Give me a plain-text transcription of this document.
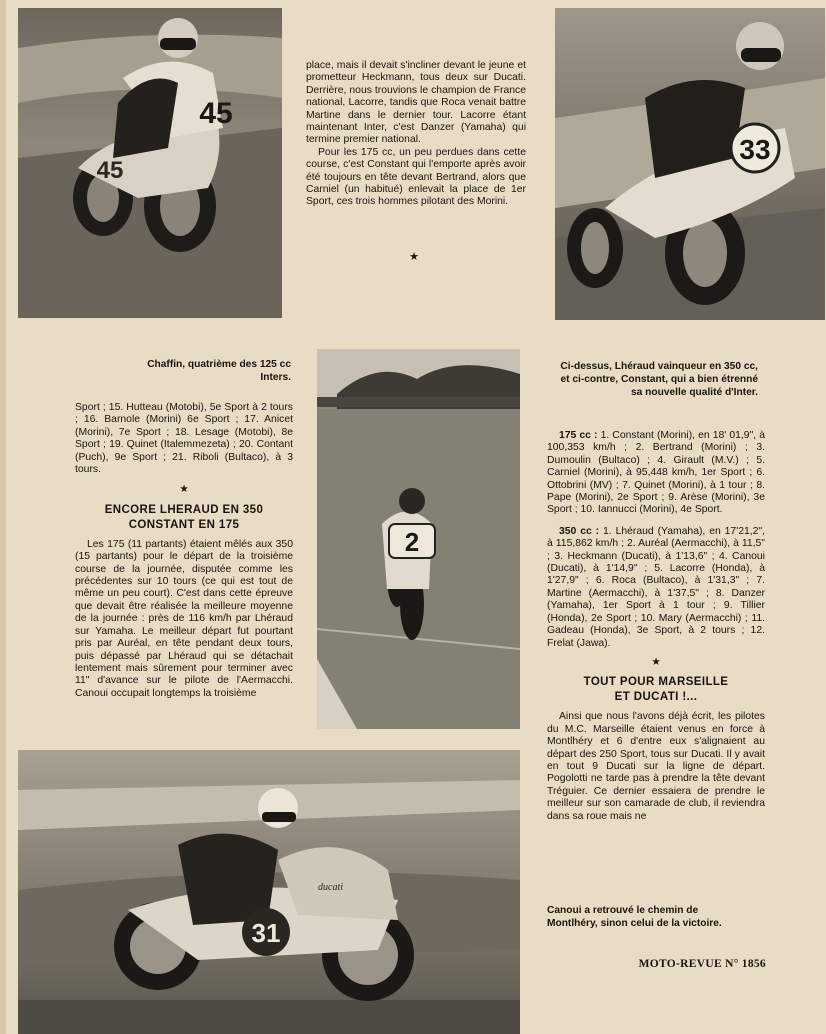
45
45
33
2
31
ducati

place, mais il devait s'incliner devant le jeune et prometteur Heckmann, tous deux sur Ducati. Derrière, nous trouvions le champion de France national, Lacorre, tandis que Roca venait battre Martine dans le dernier tour. Lacorre étant maintenant Inter, c'est Danzer (Yamaha) qui termine premier national.

Pour les 175 cc, un peu perdues dans cette course, c'est Constant qui l'emporte après avoir été toujours en tête devant Bertrand, alors que Carniel (un habitué) enlevait la place de 1er Sport, ces trois hommes pilotant des Morini.

★
Chaffin, quatrième des 125 cc Inters.

Sport ; 15. Hutteau (Motobi), 5e Sport à 2 tours ; 16. Barnole (Morini) 6e Sport ; 17. Anicet (Morini), 7e Sport ; 18. Lesage (Motobi), 8e Sport ; 19. Quinet (Italemmezeta) ; 20. Contant (Puch), 9e Sport ; 21. Riboli (Bultaco), à 3 tours.

★
ENCORE LHERAUD EN 350
CONSTANT EN 175

Les 175 (11 partants) étaient mêlés aux 350 (15 partants) pour le départ de la troisième course de la journée, disputée comme les précédentes sur 10 tours (ce qui est tout de même un peu court). C'est dans cette épreuve que devait être réalisée la meilleure moyenne de la journée : près de 116 km/h par Lhéraud sur Yamaha. Le meilleur départ fut pourtant pris par Auréal, en tête pendant deux tours, puis dépassé par Lhéraud qui se détachait lentement mais sûrement pour terminer avec 11" d'avance sur le pilote de l'Aermacchi. Canoui occupait longtemps la troisième

Ci-dessus, Lhéraud vainqueur en 350 cc, et ci-contre, Constant, qui a bien étrenné sa nouvelle qualité d'Inter.

175 cc : 1. Constant (Morini), en 18' 01,9", à 100,353 km/h ; 2. Bertrand (Morini) ; 3. Dumoulin (Bultaco) ; 4. Girault (M.V.) ; 5. Carniel (Morini), à 95,448 km/h, 1er Sport ; 6. Ottobrini (MV) ; 7. Quinet (Morini), à 1 tour ; 8. Pape (Morini), 2e Sport ; 9. Arèse (Morini), 3e Sport ; 10. Iannucci (Morini), 4e Sport.

350 cc : 1. Lhéraud (Yamaha), en 17'21,2", à 115,862 km/h ; 2. Auréal (Aermacchi), à 11,5" ; 3. Heckmann (Ducati), à 1'13,6" ; 4. Canoui (Ducati), à 1'14,9" ; 5. Lacorre (Honda), à 1'27,9" ; 6. Roca (Bultaco), à 1'31,3" ; 7. Martine (Aermacchi), à 1'37,5" ; 8. Danzer (Yamaha), 1er Sport à 1 tour ; 9. Tillier (Honda), 2e Sport ; 10. Mary (Aermacchi) ; 11. Gadeau (Honda), 3e Sport, à 2 tours ; 12. Frelat (Jawa).

★
TOUT POUR MARSEILLE
ET DUCATI !...

Ainsi que nous l'avons déjà écrit, les pilotes du M.C. Marseille étaient venus en force à Montlhéry et 6 d'entre eux s'alignaient au départ des 250 Sport, tous sur Ducati. Il y avait en tout 9 Ducati sur la ligne de départ. Pogolotti ne tarde pas à prendre la tête devant Tréguier. Ce dernier essaiera de prendre le meilleur sur son camarade de club, il reviendra dans sa roue mais ne

Canoui a retrouvé le chemin de Montlhéry, sinon celui de la victoire.
MOTO-REVUE N° 1856
